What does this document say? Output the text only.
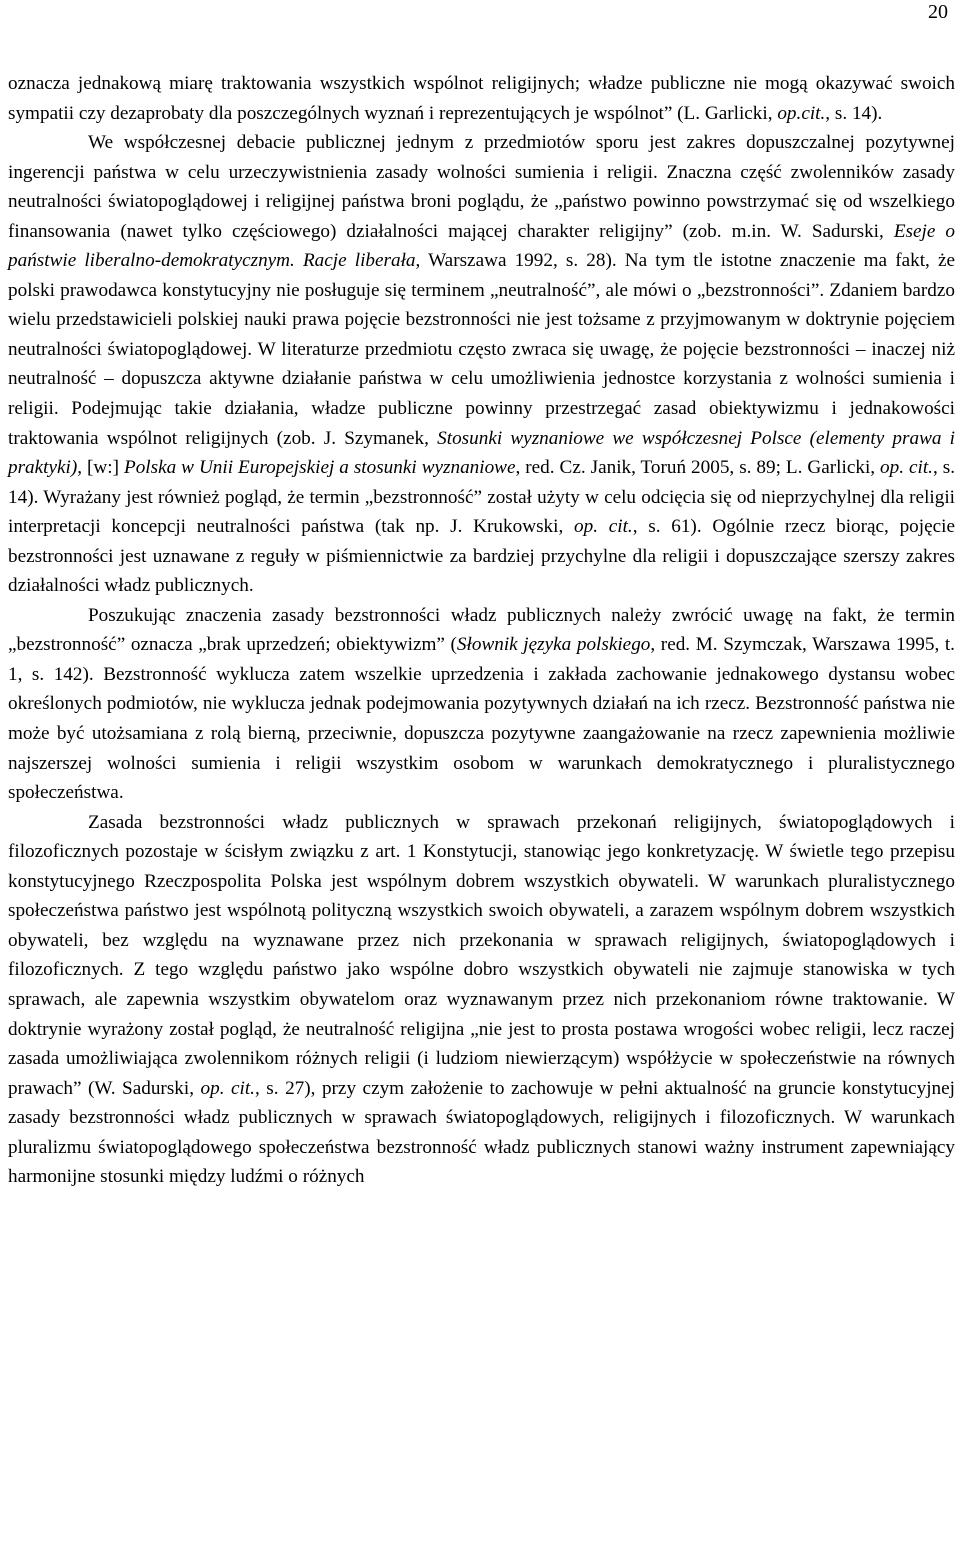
20

oznacza jednakową miarę traktowania wszystkich wspólnot religijnych; władze publiczne nie mogą okazywać swoich sympatii czy dezaprobaty dla poszczególnych wyznań i reprezentujących je wspólnot” (L. Garlicki, op.cit., s. 14).

We współczesnej debacie publicznej jednym z przedmiotów sporu jest zakres dopuszczalnej pozytywnej ingerencji państwa w celu urzeczywistnienia zasady wolności sumienia i religii. Znaczna część zwolenników zasady neutralności światopoglądowej i religijnej państwa broni poglądu, że „państwo powinno powstrzymać się od wszelkiego finansowania (nawet tylko częściowego) działalności mającej charakter religijny” (zob. m.in. W. Sadurski, Eseje o państwie liberalno-demokratycznym. Racje liberała, Warszawa 1992, s. 28). Na tym tle istotne znaczenie ma fakt, że polski prawodawca konstytucyjny nie posługuje się terminem „neutralność”, ale mówi o „bezstronności”. Zdaniem bardzo wielu przedstawicieli polskiej nauki prawa pojęcie bezstronności nie jest tożsame z przyjmowanym w doktrynie pojęciem neutralności światopoglądowej. W literaturze przedmiotu często zwraca się uwagę, że pojęcie bezstronności – inaczej niż neutralność – dopuszcza aktywne działanie państwa w celu umożliwienia jednostce korzystania z wolności sumienia i religii. Podejmując takie działania, władze publiczne powinny przestrzegać zasad obiektywizmu i jednakowości traktowania wspólnot religijnych (zob. J. Szymanek, Stosunki wyznaniowe we współczesnej Polsce (elementy prawa i praktyki), [w:] Polska w Unii Europejskiej a stosunki wyznaniowe, red. Cz. Janik, Toruń 2005, s. 89; L. Garlicki, op. cit., s. 14). Wyrażany jest również pogląd, że termin „bezstronność” został użyty w celu odcięcia się od nieprzychylnej dla religii interpretacji koncepcji neutralności państwa (tak np. J. Krukowski, op. cit., s. 61). Ogólnie rzecz biorąc, pojęcie bezstronności jest uznawane z reguły w piśmiennictwie za bardziej przychylne dla religii i dopuszczające szerszy zakres działalności władz publicznych.

Poszukując znaczenia zasady bezstronności władz publicznych należy zwrócić uwagę na fakt, że termin „bezstronność” oznacza „brak uprzedzeń; obiektywizm” (Słownik języka polskiego, red. M. Szymczak, Warszawa 1995, t. 1, s. 142). Bezstronność wyklucza zatem wszelkie uprzedzenia i zakłada zachowanie jednakowego dystansu wobec określonych podmiotów, nie wyklucza jednak podejmowania pozytywnych działań na ich rzecz. Bezstronność państwa nie może być utożsamiana z rolą bierną, przeciwnie, dopuszcza pozytywne zaangażowanie na rzecz zapewnienia możliwie najszerszej wolności sumienia i religii wszystkim osobom w warunkach demokratycznego i pluralistycznego społeczeństwa.

Zasada bezstronności władz publicznych w sprawach przekonań religijnych, światopoglądowych i filozoficznych pozostaje w ścisłym związku z art. 1 Konstytucji, stanowiąc jego konkretyzację. W świetle tego przepisu konstytucyjnego Rzeczpospolita Polska jest wspólnym dobrem wszystkich obywateli. W warunkach pluralistycznego społeczeństwa państwo jest wspólnotą polityczną wszystkich swoich obywateli, a zarazem wspólnym dobrem wszystkich obywateli, bez względu na wyznawane przez nich przekonania w sprawach religijnych, światopoglądowych i filozoficznych. Z tego względu państwo jako wspólne dobro wszystkich obywateli nie zajmuje stanowiska w tych sprawach, ale zapewnia wszystkim obywatelom oraz wyznawanym przez nich przekonaniom równe traktowanie. W doktrynie wyrażony został pogląd, że neutralność religijna „nie jest to prosta postawa wrogości wobec religii, lecz raczej zasada umożliwiająca zwolennikom różnych religii (i ludziom niewierzącym) współżycie w społeczeństwie na równych prawach” (W. Sadurski, op. cit., s. 27), przy czym założenie to zachowuje w pełni aktualność na gruncie konstytucyjnej zasady bezstronności władz publicznych w sprawach światopoglądowych, religijnych i filozoficznych. W warunkach pluralizmu światopoglądowego społeczeństwa bezstronność władz publicznych stanowi ważny instrument zapewniający harmonijne stosunki między ludźmi o różnych
